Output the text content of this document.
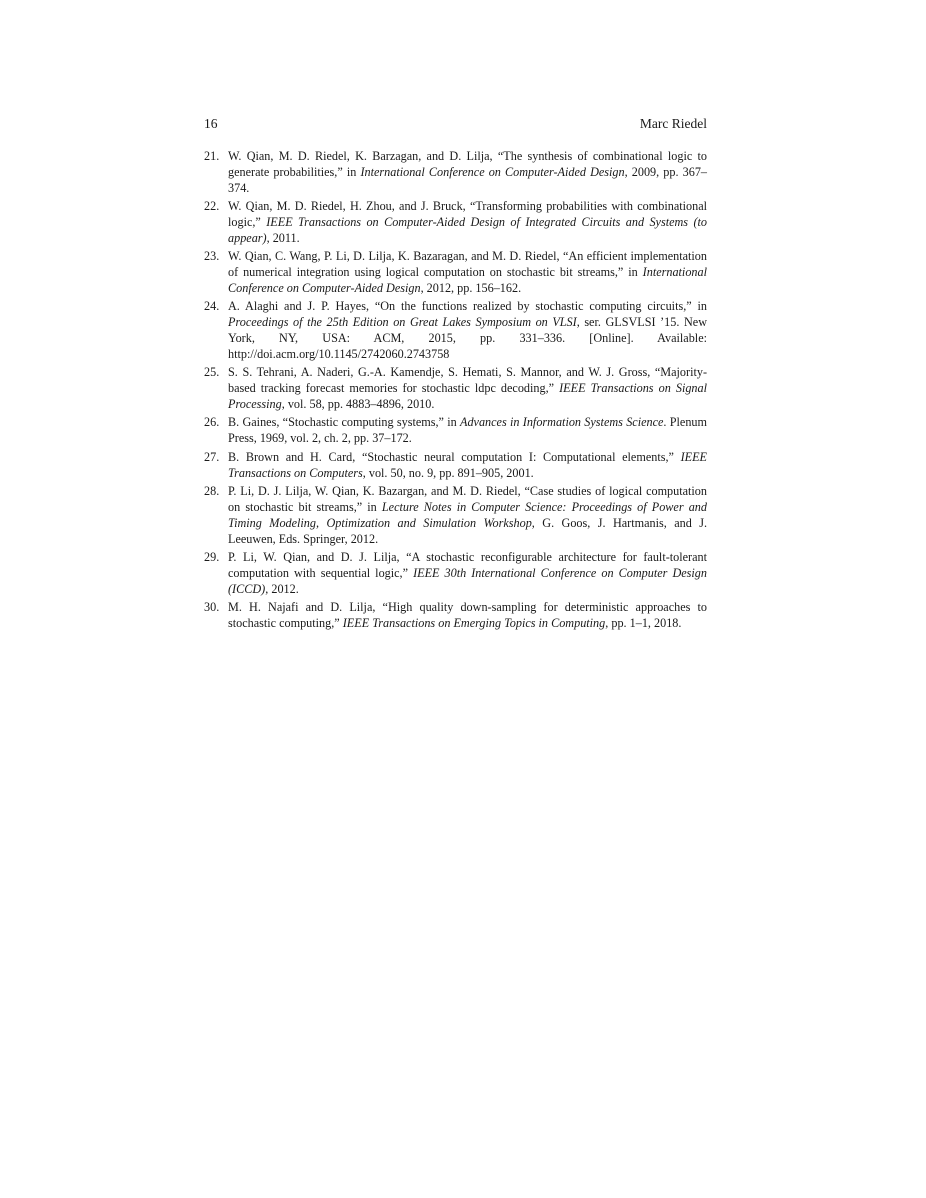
16	Marc Riedel
21. W. Qian, M. D. Riedel, K. Barzagan, and D. Lilja, “The synthesis of combinational logic to generate probabilities,” in International Conference on Computer-Aided Design, 2009, pp. 367–374.
22. W. Qian, M. D. Riedel, H. Zhou, and J. Bruck, “Transforming probabilities with combinational logic,” IEEE Transactions on Computer-Aided Design of Integrated Circuits and Systems (to appear), 2011.
23. W. Qian, C. Wang, P. Li, D. Lilja, K. Bazaragan, and M. D. Riedel, “An efficient implementation of numerical integration using logical computation on stochastic bit streams,” in International Conference on Computer-Aided Design, 2012, pp. 156–162.
24. A. Alaghi and J. P. Hayes, “On the functions realized by stochastic computing circuits,” in Proceedings of the 25th Edition on Great Lakes Symposium on VLSI, ser. GLSVLSI ’15. New York, NY, USA: ACM, 2015, pp. 331–336. [Online]. Available: http://doi.acm.org/10.1145/2742060.2743758
25. S. S. Tehrani, A. Naderi, G.-A. Kamendje, S. Hemati, S. Mannor, and W. J. Gross, “Majority-based tracking forecast memories for stochastic ldpc decoding,” IEEE Transactions on Signal Processing, vol. 58, pp. 4883–4896, 2010.
26. B. Gaines, “Stochastic computing systems,” in Advances in Information Systems Science. Plenum Press, 1969, vol. 2, ch. 2, pp. 37–172.
27. B. Brown and H. Card, “Stochastic neural computation I: Computational elements,” IEEE Transactions on Computers, vol. 50, no. 9, pp. 891–905, 2001.
28. P. Li, D. J. Lilja, W. Qian, K. Bazargan, and M. D. Riedel, “Case studies of logical computation on stochastic bit streams,” in Lecture Notes in Computer Science: Proceedings of Power and Timing Modeling, Optimization and Simulation Workshop, G. Goos, J. Hartmanis, and J. Leeuwen, Eds. Springer, 2012.
29. P. Li, W. Qian, and D. J. Lilja, “A stochastic reconfigurable architecture for fault-tolerant computation with sequential logic,” IEEE 30th International Conference on Computer Design (ICCD), 2012.
30. M. H. Najafi and D. Lilja, “High quality down-sampling for deterministic approaches to stochastic computing,” IEEE Transactions on Emerging Topics in Computing, pp. 1–1, 2018.
